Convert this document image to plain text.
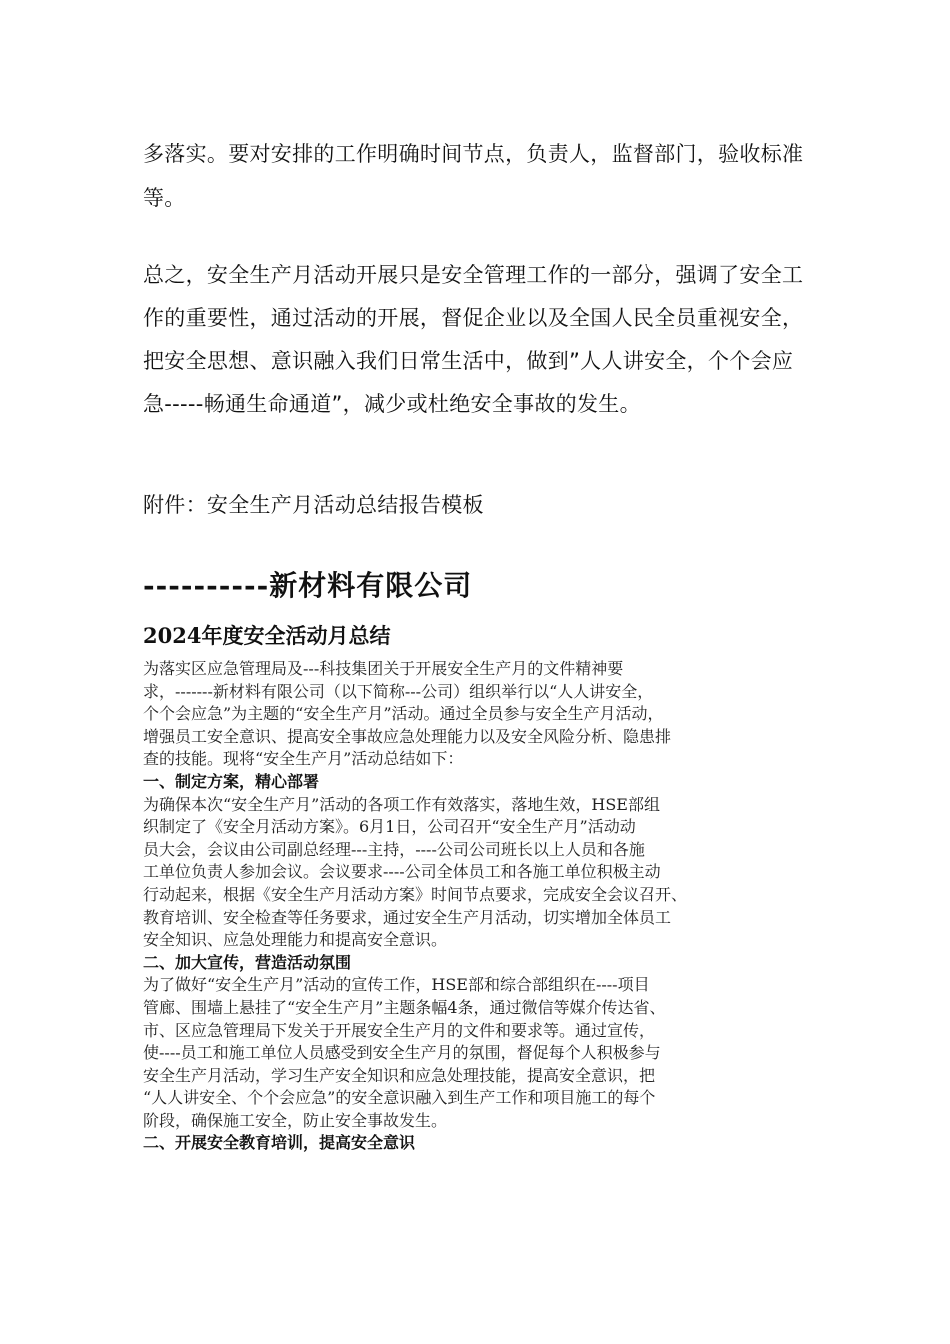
多落实。要对安排的工作明确时间节点，负责人，监督部门，验收标准
等。
总之，安全生产月活动开展只是安全管理工作的一部分，强调了安全工
作的重要性，通过活动的开展，督促企业以及全国人民全员重视安全，
把安全思想、意识融入我们日常生活中，做到”人人讲安全，个个会应
急-----畅通生命通道”，减少或杜绝安全事故的发生。
附件：安全生产月活动总结报告模板
----------新材料有限公司
2024年度安全活动月总结
为落实区应急管理局及---科技集团关于开展安全生产月的文件精神要
求，-------新材料有限公司（以下简称---公司）组织举行以“人人讲安全，
个个会应急”为主题的“安全生产月”活动。通过全员参与安全生产月活动，
增强员工安全意识、提高安全事故应急处理能力以及安全风险分析、隐患排
查的技能。现将“安全生产月”活动总结如下：
一、制定方案，精心部署
为确保本次“安全生产月”活动的各项工作有效落实，落地生效，HSE部组
织制定了《安全月活动方案》。6月1日，公司召开“安全生产月”活动动
员大会，会议由公司副总经理---主持，----公司公司班长以上人员和各施
工单位负责人参加会议。会议要求----公司全体员工和各施工单位积极主动
行动起来，根据《安全生产月活动方案》时间节点要求，完成安全会议召开、
教育培训、安全检查等任务要求，通过安全生产月活动，切实增加全体员工
安全知识、应急处理能力和提高安全意识。
二、加大宣传，营造活动氛围
为了做好“安全生产月”活动的宣传工作，HSE部和综合部组织在----项目
管廊、围墙上悬挂了“安全生产月”主题条幅4条，通过微信等媒介传达省、
市、区应急管理局下发关于开展安全生产月的文件和要求等。通过宣传，
使----员工和施工单位人员感受到安全生产月的氛围，督促每个人积极参与
安全生产月活动，学习生产安全知识和应急处理技能，提高安全意识，把
“人人讲安全、个个会应急”的安全意识融入到生产工作和项目施工的每个
阶段，确保施工安全，防止安全事故发生。
二、开展安全教育培训，提高安全意识
